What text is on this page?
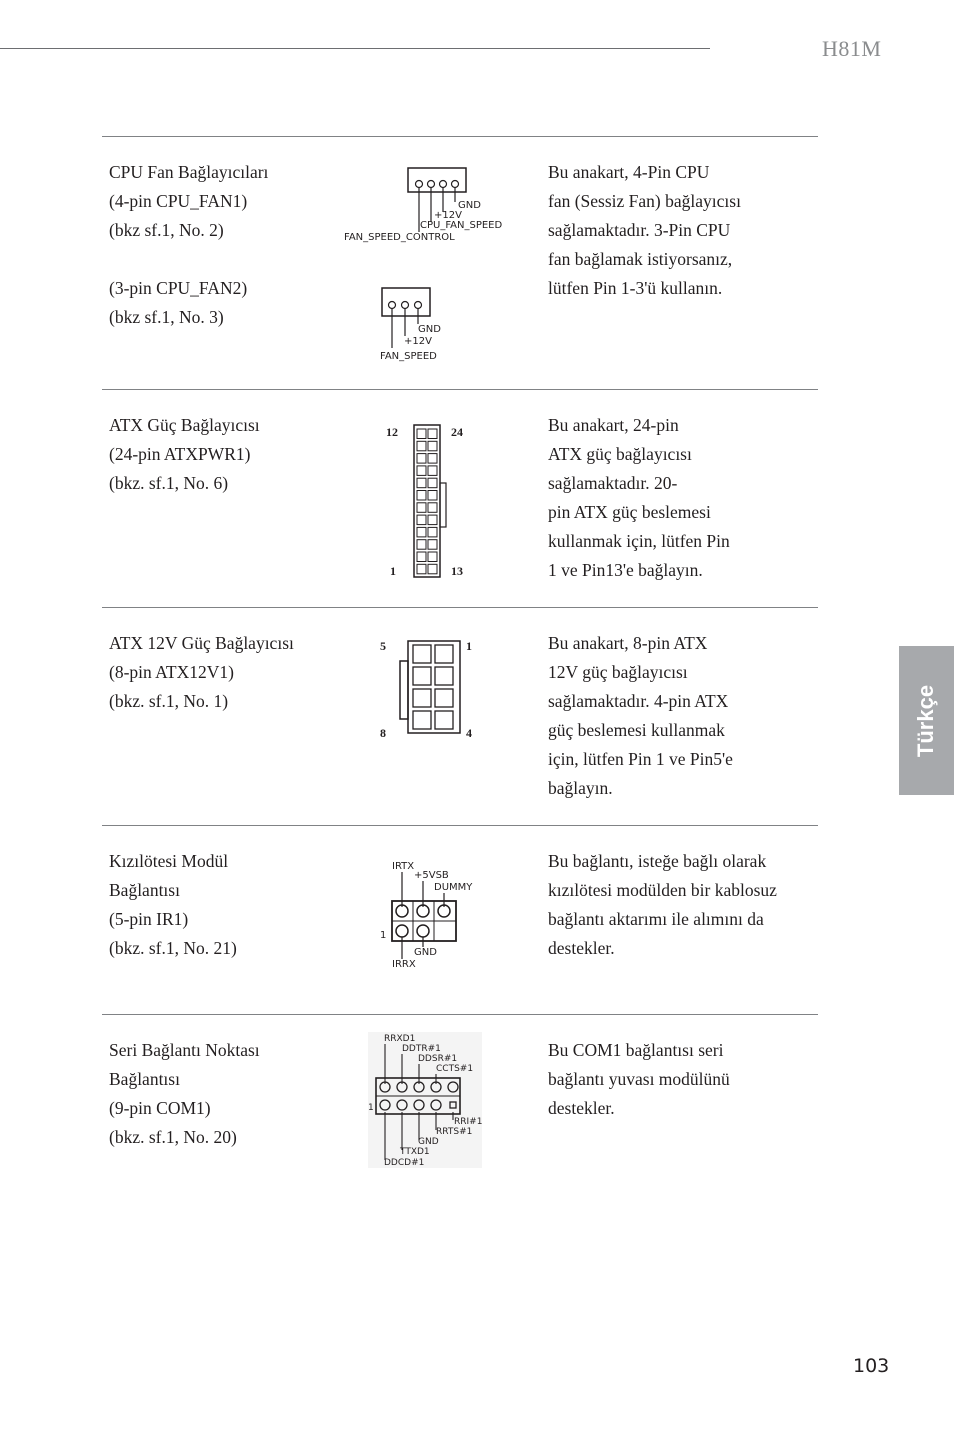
H81M
Türkçe
103
CPU Fan Bağlayıcıları
(4-pin CPU_FAN1)
(bkz sf.1, No. 2)
(3-pin CPU_FAN2)
(bkz sf.1, No. 3)
GND
+12V
CPU_FAN_SPEED
FAN_SPEED_CONTROL
GND
+12V
FAN_SPEED
Bu anakart, 4-Pin CPU
fan (Sessiz Fan) bağlayıcısı
sağlamaktadır. 3-Pin CPU
fan bağlamak istiyorsanız,
lütfen Pin 1-3'ü kullanın.
ATX Güç Bağlayıcısı
(24-pin ATXPWR1)
(bkz. sf.1, No. 6)
12	24
1	13
Bu anakart, 24-pin
ATX güç bağlayıcısı
sağlamaktadır. 20-
pin ATX güç beslemesi
kullanmak için, lütfen Pin
1 ve Pin13'e bağlayın.
ATX 12V Güç Bağlayıcısı
(8-pin ATX12V1)
(bkz. sf.1, No. 1)
5	1
8	4
Bu anakart, 8-pin ATX
12V güç bağlayıcısı
sağlamaktadır. 4-pin ATX
güç beslemesi kullanmak
için, lütfen Pin 1 ve Pin5'e
bağlayın.
Kızılötesi Modül
Bağlantısı
(5-pin IR1)
(bkz. sf.1, No. 21)
IRTX
+5VSB
DUMMY
1
GND
IRRX
Bu bağlantı, isteğe bağlı olarak
kızılötesi modülden bir kablosuz
bağlantı aktarımı ile alımını da
destekler.
Seri Bağlantı Noktası
Bağlantısı
(9-pin COM1)
(bkz. sf.1, No. 20)
RRXD1
DDTR#1
DDSR#1
CCTS#1
1
RRI#1
RRTS#1
GND
TTXD1
DDCD#1
Bu COM1 bağlantısı seri
bağlantı yuvası modülünü
destekler.
